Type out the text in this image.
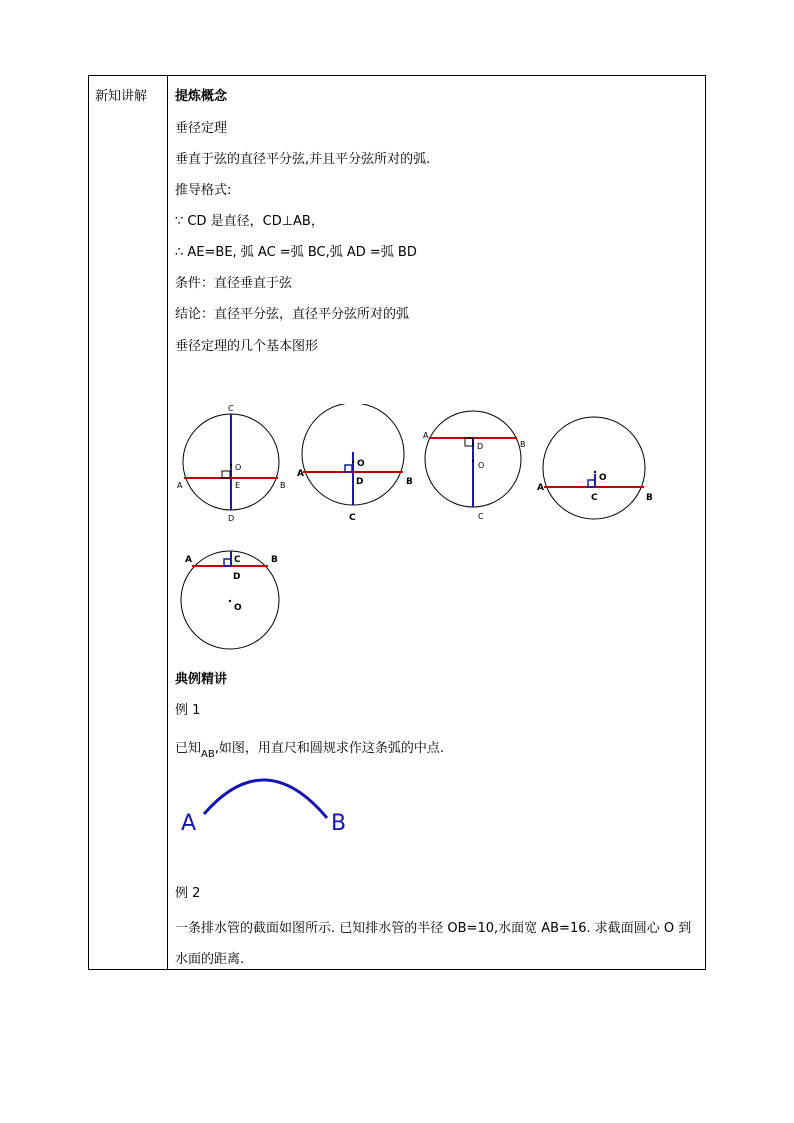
新知讲解 提炼概念
垂径定理
垂直于弦的直径平分弦,并且平分弦所对的弧.
推导格式:
∵ CD 是直径，CD⊥AB，
∴ AE=BE, 弧 AC =弧 BC,弧 AD =弧 BD
条件：直径垂直于弦
结论：直径平分弦，直径平分弦所对的弧
垂径定理的几个基本图形
C
O
E
A	B
D
O
D
A
B
C
A
B
D
O
C
O
A
C	B
A	C	B
D
O
典例精讲
例 1
已知$_{AB}$,如图，用直尺和圆规求作这条弧的中点.
例 2
一条排水管的截面如图所示. 已知排水管的半径 OB=10,水面宽 AB=16. 求截面圆心 O 到
水面的距离.
A	B
